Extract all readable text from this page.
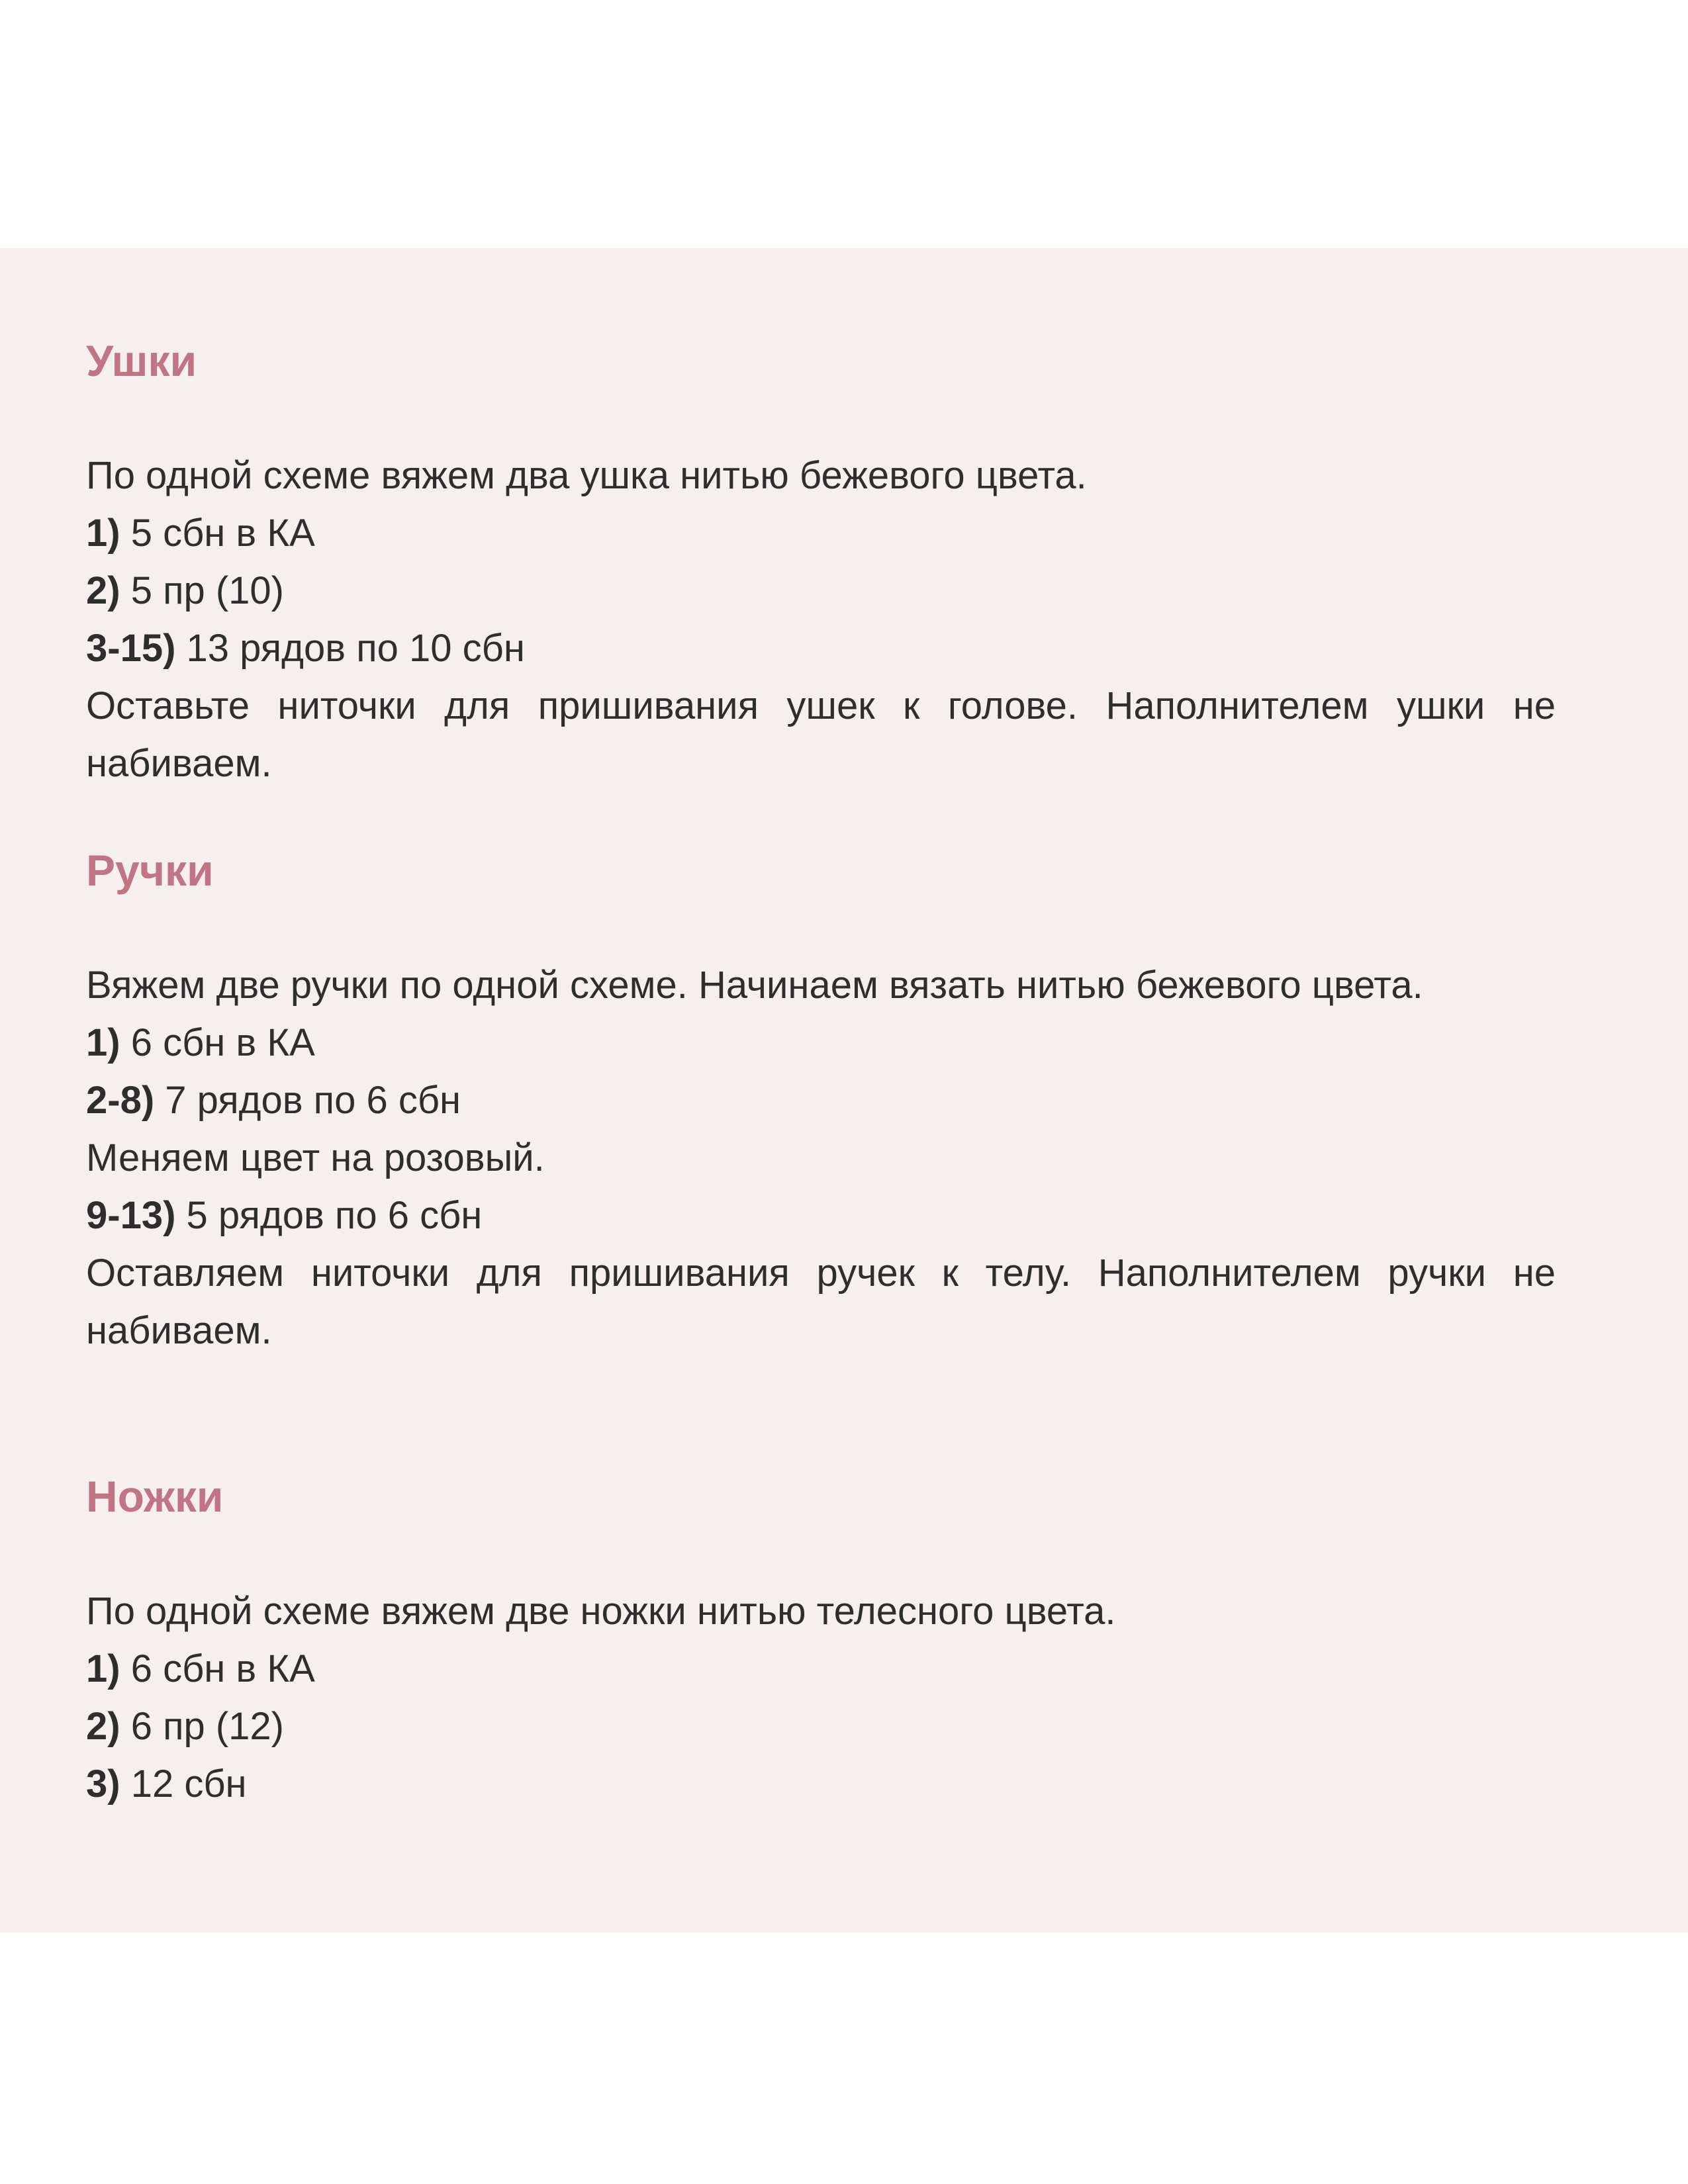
Ушки
По одной схеме вяжем два ушка нитью бежевого цвета.
1) 5 сбн в КА
2) 5 пр (10)
3-15) 13 рядов по 10 сбн
Оставьте ниточки для пришивания ушек к голове. Наполнителем ушки не набиваем.
Ручки
Вяжем две ручки по одной схеме. Начинаем вязать нитью бежевого цвета.
1) 6 сбн в КА
2-8) 7 рядов по 6 сбн
Меняем цвет на розовый.
9-13) 5 рядов по 6 сбн
Оставляем ниточки для пришивания ручек к телу. Наполнителем ручки не набиваем.
Ножки
По одной схеме вяжем две ножки нитью телесного цвета.
1) 6 сбн в КА
2) 6 пр (12)
3) 12 сбн
